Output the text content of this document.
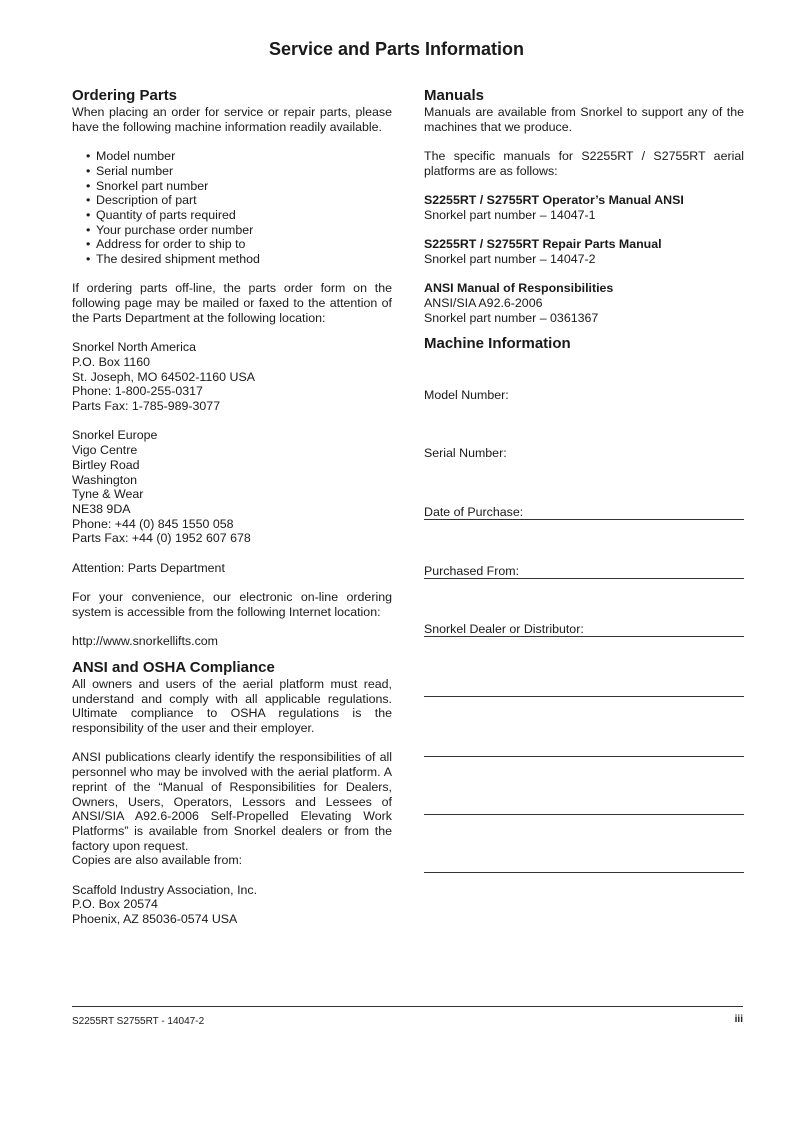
Service and Parts Information
Ordering Parts

When placing an order for service or repair parts, please have the following machine information readily available.

• Model number
• Serial number
• Snorkel part number
• Description of part
• Quantity of parts required
• Your purchase order number
• Address for order to ship to
• The desired shipment method

If ordering parts off-line, the parts order form on the following page may be mailed or faxed to the attention of the Parts Department at the following location:

Snorkel North America

P.O. Box 1160

St. Joseph, MO 64502-1160 USA

Phone: 1-800-255-0317

Parts Fax: 1-785-989-3077

Snorkel Europe

Vigo Centre

Birtley Road

Washington

Tyne & Wear

NE38 9DA

Phone: +44 (0) 845 1550 058

Parts Fax: +44 (0) 1952 607 678

Attention: Parts Department

For your convenience, our electronic on-line ordering system is accessible from the following Internet location:

http://www.snorkellifts.com

ANSI and OSHA Compliance

All owners and users of the aerial platform must read, understand and comply with all applicable regulations. Ultimate compliance to OSHA regulations is the responsibility of the user and their employer.

ANSI publications clearly identify the responsibilities of all personnel who may be involved with the aerial platform. A reprint of the “Manual of Responsibilities for Dealers, Owners, Users, Operators, Lessors and Lessees of ANSI/SIA A92.6-2006 Self-Propelled Elevating Work Platforms” is available from Snorkel dealers or from the factory upon request.

Copies are also available from:

Scaffold Industry Association, Inc.

P.O. Box 20574

Phoenix, AZ 85036-0574 USA

Manuals

Manuals are available from Snorkel to support any of the machines that we produce.

The specific manuals for S2255RT / S2755RT aerial platforms are as follows:

S2255RT / S2755RT Operator’s Manual ANSI

Snorkel part number – 14047-1

S2255RT / S2755RT Repair Parts Manual

Snorkel part number – 14047-2

ANSI Manual of Responsibilities

ANSI/SIA A92.6-2006

Snorkel part number – 0361367

Machine Information
Model Number:
Serial Number:
Date of Purchase:
Purchased From:
Snorkel Dealer or Distributor:
S2255RT S2755RT - 14047-2	iii
